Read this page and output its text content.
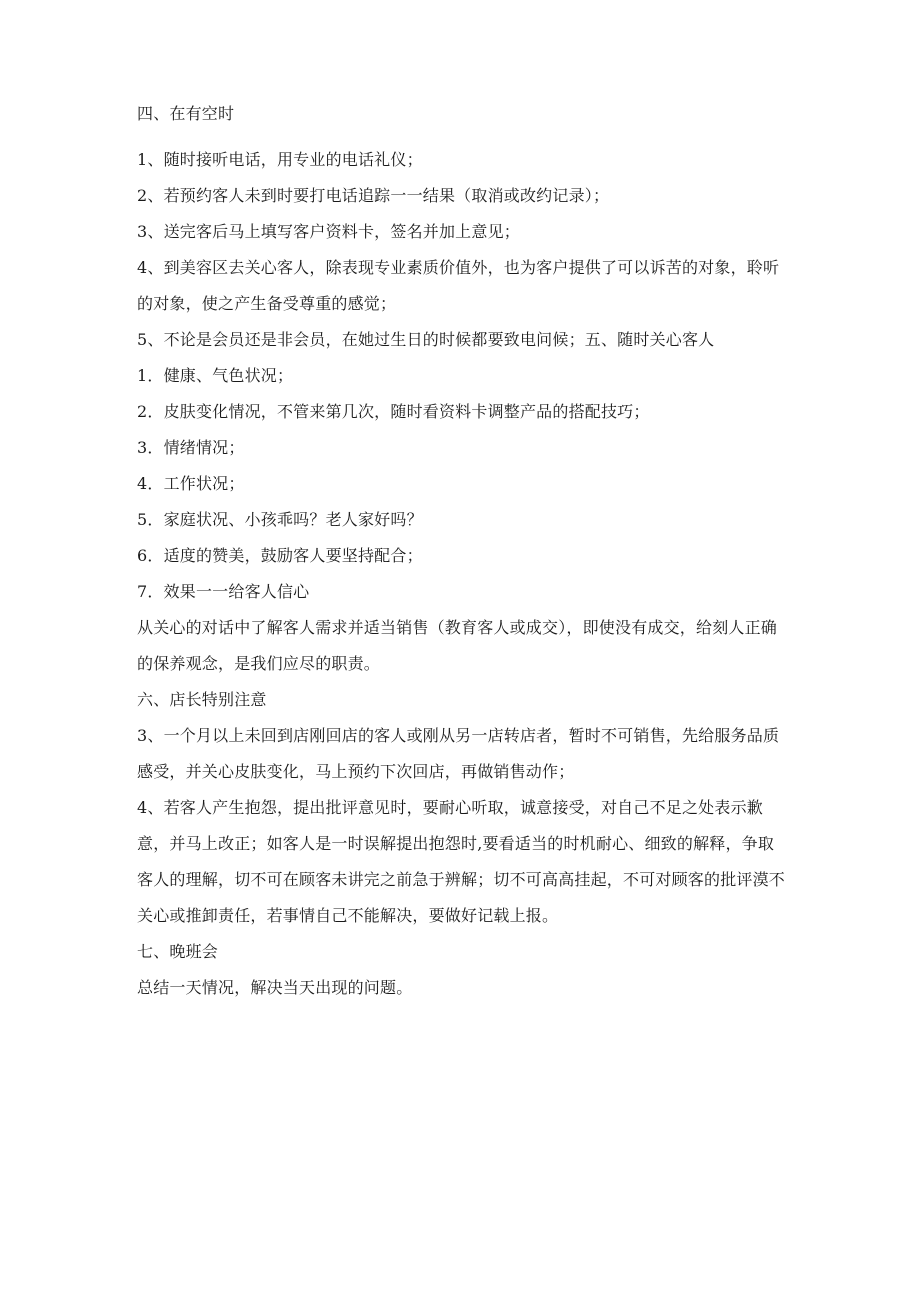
四、在有空时

1、随时接听电话，用专业的电话礼仪；

2、若预约客人未到时要打电话追踪一一结果（取消或改约记录）；

3、送完客后马上填写客户资料卡，签名并加上意见；

4、到美容区去关心客人，除表现专业素质价值外，也为客户提供了可以诉苦的对象，聆听的对象，使之产生备受尊重的感觉；

5、不论是会员还是非会员，在她过生日的时候都要致电问候；五、随时关心客人

1．健康、气色状况；

2．皮肤变化情况，不管来第几次，随时看资料卡调整产品的搭配技巧；

3．情绪情况；

4．工作状况；

5．家庭状况、小孩乖吗？老人家好吗？

6．适度的赞美，鼓励客人要坚持配合；

7．效果一一给客人信心

从关心的对话中了解客人需求并适当销售（教育客人或成交），即使没有成交，给刻人正确的保养观念，是我们应尽的职责。

六、店长特别注意

3、一个月以上未回到店刚回店的客人或刚从另一店转店者，暂时不可销售，先给服务品质感受，并关心皮肤变化，马上预约下次回店，再做销售动作；

4、若客人产生抱怨，提出批评意见时，要耐心听取，诚意接受，对自己不足之处表示歉意，并马上改正；如客人是一时误解提出抱怨时,要看适当的时机耐心、细致的解释，争取客人的理解，切不可在顾客未讲完之前急于辨解；切不可高高挂起，不可对顾客的批评漠不关心或推卸责任，若事情自己不能解决，要做好记载上报。

七、晚班会

总结一天情况，解决当天出现的问题。
